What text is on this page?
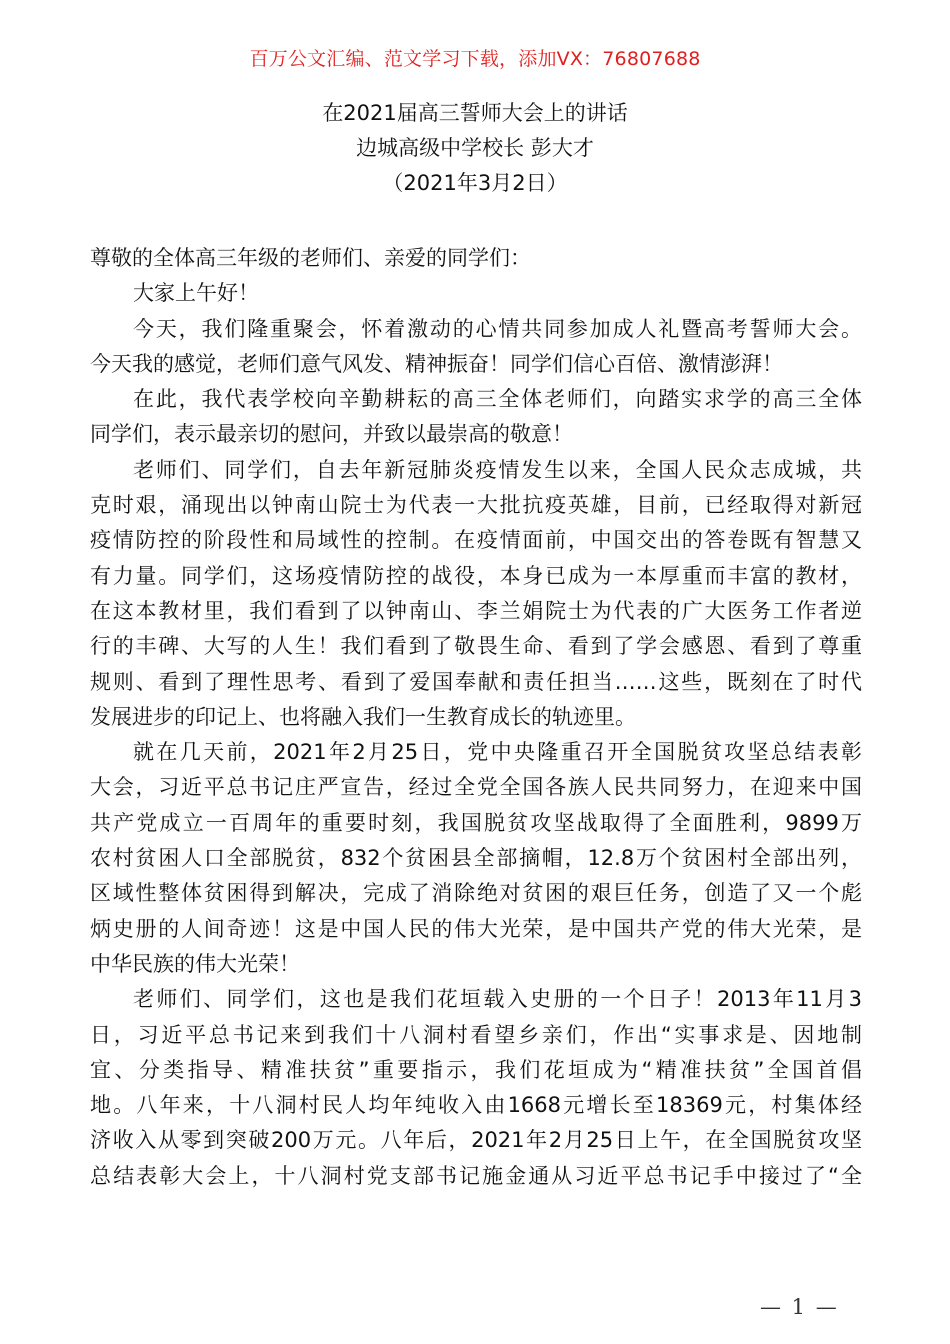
百万公文汇编、范文学习下载，添加VX：76807688
在2021届高三誓师大会上的讲话
边城高级中学校长 彭大才
（2021年3月2日）
尊敬的全体高三年级的老师们、亲爱的同学们：
大家上午好！
今天，我们隆重聚会，怀着激动的心情共同参加成人礼暨高考誓师大会。
今天我的感觉，老师们意气风发、精神振奋！同学们信心百倍、激情澎湃！
在此，我代表学校向辛勤耕耘的高三全体老师们，向踏实求学的高三全体
同学们，表示最亲切的慰问，并致以最崇高的敬意！
老师们、同学们，自去年新冠肺炎疫情发生以来，全国人民众志成城，共
克时艰，涌现出以钟南山院士为代表一大批抗疫英雄，目前，已经取得对新冠
疫情防控的阶段性和局域性的控制。在疫情面前，中国交出的答卷既有智慧又
有力量。同学们，这场疫情防控的战役，本身已成为一本厚重而丰富的教材，
在这本教材里，我们看到了以钟南山、李兰娟院士为代表的广大医务工作者逆
行的丰碑、大写的人生！我们看到了敬畏生命、看到了学会感恩、看到了尊重
规则、看到了理性思考、看到了爱国奉献和责任担当……这些，既刻在了时代
发展进步的印记上、也将融入我们一生教育成长的轨迹里。
就在几天前，2021年2月25日，党中央隆重召开全国脱贫攻坚总结表彰
大会，习近平总书记庄严宣告，经过全党全国各族人民共同努力，在迎来中国
共产党成立一百周年的重要时刻，我国脱贫攻坚战取得了全面胜利，9899万
农村贫困人口全部脱贫，832个贫困县全部摘帽，12.8万个贫困村全部出列，
区域性整体贫困得到解决，完成了消除绝对贫困的艰巨任务，创造了又一个彪
炳史册的人间奇迹！这是中国人民的伟大光荣，是中国共产党的伟大光荣，是
中华民族的伟大光荣！
老师们、同学们，这也是我们花垣载入史册的一个日子！2013年11月3
日，习近平总书记来到我们十八洞村看望乡亲们，作出“实事求是、因地制
宜、分类指导、精准扶贫”重要指示，我们花垣成为“精准扶贫”全国首倡
地。八年来，十八洞村民人均年纯收入由1668元增长至18369元，村集体经
济收入从零到突破200万元。八年后，2021年2月25日上午，在全国脱贫攻坚
总结表彰大会上，十八洞村党支部书记施金通从习近平总书记手中接过了“全
— 1 —
